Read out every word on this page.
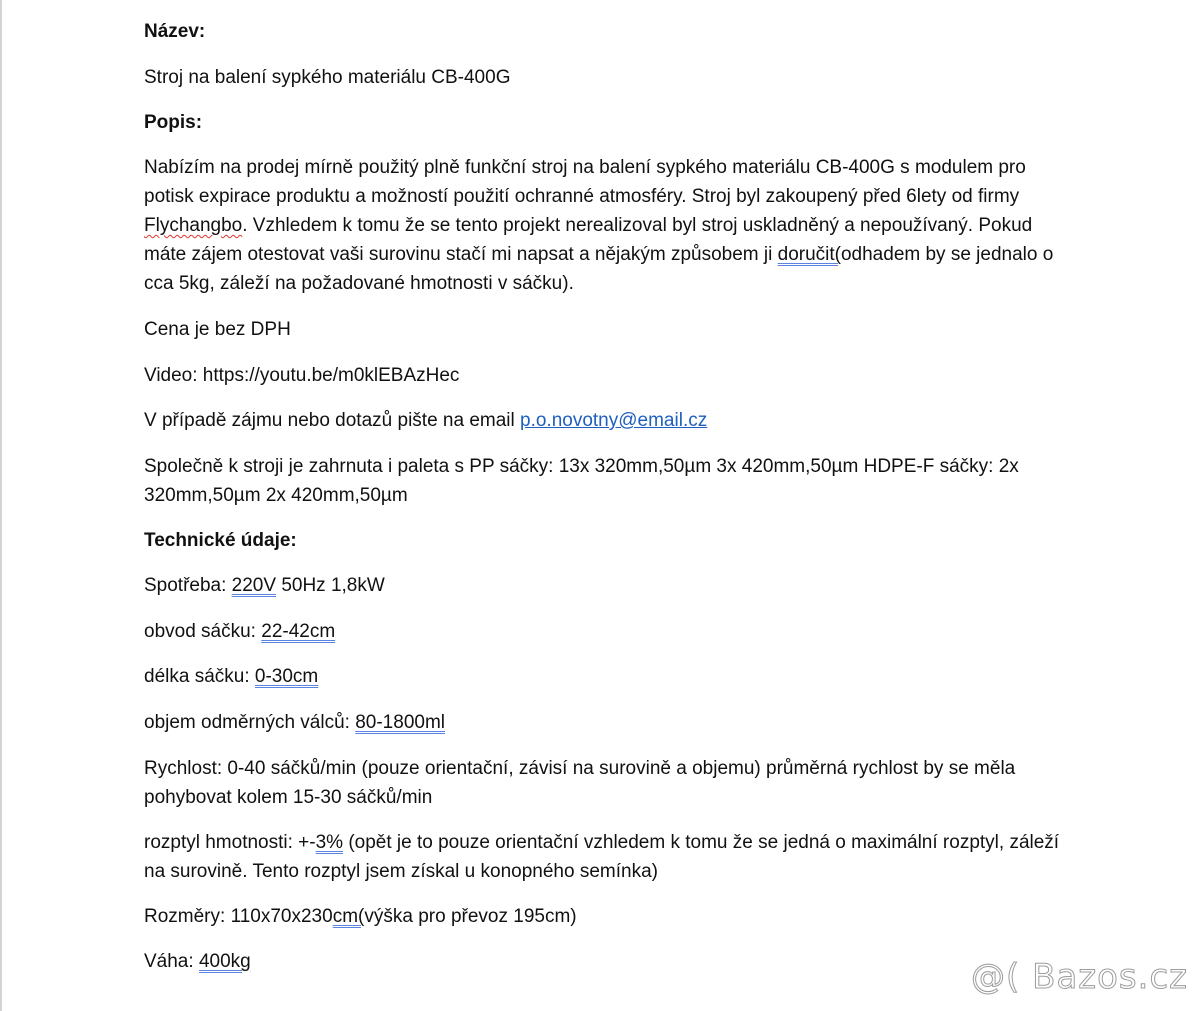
Název:

Stroj na balení sypkého materiálu CB-400G

Popis:

Nabízím na prodej mírně použitý plně funkční stroj na balení sypkého materiálu CB-400G s modulem pro potisk expirace produktu a možností použití ochranné atmosféry. Stroj byl zakoupený před 6lety od firmy Flychangbo. Vzhledem k tomu že se tento projekt nerealizoval byl stroj uskladněný a nepoužívaný. Pokud máte zájem otestovat vaši surovinu stačí mi napsat a nějakým způsobem ji doručit(odhadem by se jednalo o cca 5kg, záleží na požadované hmotnosti v sáčku).

Cena je bez DPH

Video: https://youtu.be/m0klEBAzHec

V případě zájmu nebo dotazů pište na email p.o.novotny@email.cz

Společně k stroji je zahrnuta i paleta s PP sáčky: 13x 320mm,50µm 3x 420mm,50µm HDPE-F sáčky: 2x 320mm,50µm 2x 420mm,50µm

Technické údaje:

Spotřeba: 220V 50Hz 1,8kW

obvod sáčku: 22-42cm

délka sáčku: 0-30cm

objem odměrných válců: 80-1800ml

Rychlost: 0-40 sáčků/min (pouze orientační, závisí na surovině a objemu) průměrná rychlost by se měla pohybovat kolem 15-30 sáčků/min

rozptyl hmotnosti: +-3% (opět je to pouze orientační vzhledem k tomu že se jedná o maximální rozptyl, záleží na surovině. Tento rozptyl jsem získal u konopného semínka)

Rozměry: 110x70x230cm(výška pro převoz 195cm)

Váha: 400kg	@( Bazos.cz
